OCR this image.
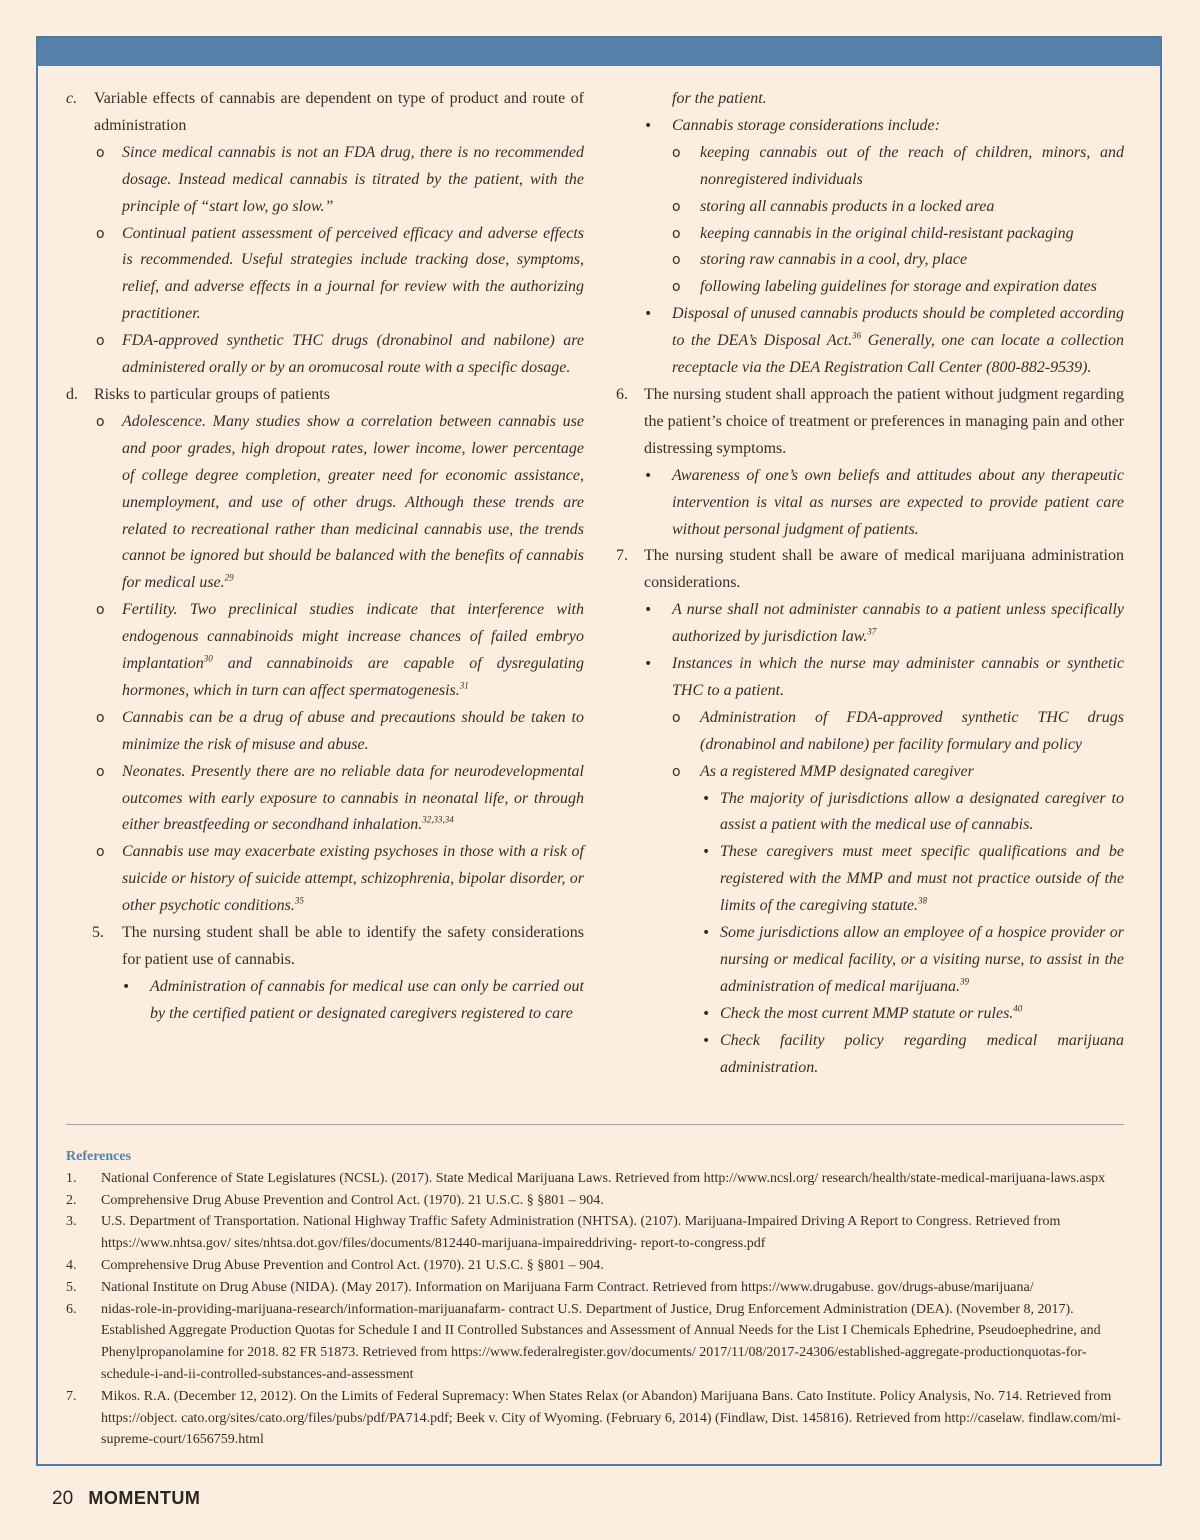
c. Variable effects of cannabis are dependent on type of product and route of administration
o Since medical cannabis is not an FDA drug, there is no recommended dosage. Instead medical cannabis is titrated by the patient, with the principle of “start low, go slow.”
o Continual patient assessment of perceived efficacy and adverse effects is recommended. Useful strategies include tracking dose, symptoms, relief, and adverse effects in a journal for review with the authorizing practitioner.
o FDA-approved synthetic THC drugs (dronabinol and nabilone) are administered orally or by an oromucosal route with a specific dosage.
d. Risks to particular groups of patients
o Adolescence. Many studies show a correlation between cannabis use and poor grades, high dropout rates, lower income, lower percentage of college degree completion, greater need for economic assistance, unemployment, and use of other drugs. Although these trends are related to recreational rather than medicinal cannabis use, the trends cannot be ignored but should be balanced with the benefits of cannabis for medical use.$^{29}$
o Fertility. Two preclinical studies indicate that interference with endogenous cannabinoids might increase chances of failed embryo implantation$^{30}$ and cannabinoids are capable of dysregulating hormones, which in turn can affect spermatogenesis.$^{31}$
o Cannabis can be a drug of abuse and precautions should be taken to minimize the risk of misuse and abuse.
o Neonates. Presently there are no reliable data for neurodevelopmental outcomes with early exposure to cannabis in neonatal life, or through either breastfeeding or secondhand inhalation.$^{32,33,34}$
o Cannabis use may exacerbate existing psychoses in those with a risk of suicide or history of suicide attempt, schizophrenia, bipolar disorder, or other psychotic conditions.$^{35}$
5. The nursing student shall be able to identify the safety considerations for patient use of cannabis.
• Administration of cannabis for medical use can only be carried out by the certified patient or designated caregivers registered to care
for the patient.
• Cannabis storage considerations include:
o keeping cannabis out of the reach of children, minors, and nonregistered individuals
o storing all cannabis products in a locked area
o keeping cannabis in the original child-resistant packaging
o storing raw cannabis in a cool, dry, place
o following labeling guidelines for storage and expiration dates
• Disposal of unused cannabis products should be completed according to the DEA’s Disposal Act.$^{36}$ Generally, one can locate a collection receptacle via the DEA Registration Call Center (800-882-9539).
6. The nursing student shall approach the patient without judgment regarding the patient’s choice of treatment or preferences in managing pain and other distressing symptoms.
• Awareness of one’s own beliefs and attitudes about any therapeutic intervention is vital as nurses are expected to provide patient care without personal judgment of patients.
7. The nursing student shall be aware of medical marijuana administration considerations.
• A nurse shall not administer cannabis to a patient unless specifically authorized by jurisdiction law.$^{37}$
• Instances in which the nurse may administer cannabis or synthetic THC to a patient.
o Administration of FDA-approved synthetic THC drugs (dronabinol and nabilone) per facility formulary and policy
o As a registered MMP designated caregiver
• The majority of jurisdictions allow a designated caregiver to assist a patient with the medical use of cannabis.
• These caregivers must meet specific qualifications and be registered with the MMP and must not practice outside of the limits of the caregiving statute.$^{38}$
• Some jurisdictions allow an employee of a hospice provider or nursing or medical facility, or a visiting nurse, to assist in the administration of medical marijuana.$^{39}$
• Check the most current MMP statute or rules.$^{40}$
• Check facility policy regarding medical marijuana administration.
References
1. National Conference of State Legislatures (NCSL). (2017). State Medical Marijuana Laws. Retrieved from http://www.ncsl.org/ research/health/state-medical-marijuana-laws.aspx
2. Comprehensive Drug Abuse Prevention and Control Act. (1970). 21 U.S.C. § §801 – 904.
3. U.S. Department of Transportation. National Highway Traffic Safety Administration (NHTSA). (2107). Marijuana-Impaired Driving A Report to Congress. Retrieved from https://www.nhtsa.gov/ sites/nhtsa.dot.gov/files/documents/812440-marijuana-impaireddriving- report-to-congress.pdf
4. Comprehensive Drug Abuse Prevention and Control Act. (1970). 21 U.S.C. § §801 – 904.
5. National Institute on Drug Abuse (NIDA). (May 2017). Information on Marijuana Farm Contract. Retrieved from https://www.drugabuse. gov/drugs-abuse/marijuana/
6. nidas-role-in-providing-marijuana-research/information-marijuanafarm- contract U.S. Department of Justice, Drug Enforcement Administration (DEA). (November 8, 2017). Established Aggregate Production Quotas for Schedule I and II Controlled Substances and Assessment of Annual Needs for the List I Chemicals Ephedrine, Pseudoephedrine, and Phenylpropanolamine for 2018. 82 FR 51873. Retrieved from https://www.federalregister.gov/documents/ 2017/11/08/2017-24306/established-aggregate-productionquotas-for-schedule-i-and-ii-controlled-substances-and-assessment
7. Mikos. R.A. (December 12, 2012). On the Limits of Federal Supremacy: When States Relax (or Abandon) Marijuana Bans. Cato Institute. Policy Analysis, No. 714. Retrieved from https://object. cato.org/sites/cato.org/files/pubs/pdf/PA714.pdf; Beek v. City of Wyoming. (February 6, 2014) (Findlaw, Dist. 145816). Retrieved from http://caselaw. findlaw.com/mi-supreme-court/1656759.html
20 MOMENTUM
